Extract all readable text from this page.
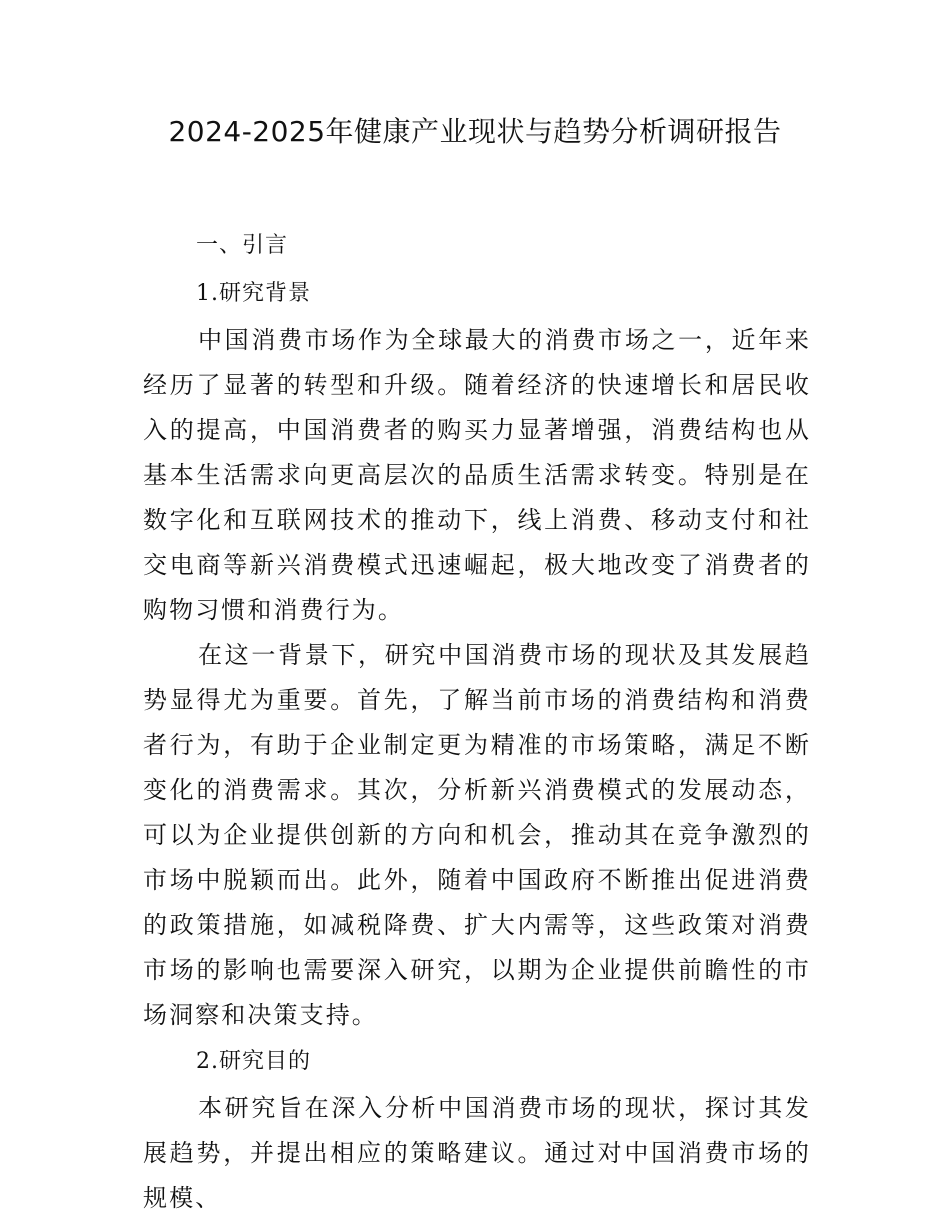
2024-2025年健康产业现状与趋势分析调研报告
一、引言
1.研究背景

中国消费市场作为全球最大的消费市场之一，近年来经历了显著的转型和升级。随着经济的快速增长和居民收入的提高，中国消费者的购买力显著增强，消费结构也从基本生活需求向更高层次的品质生活需求转变。特别是在数字化和互联网技术的推动下，线上消费、移动支付和社交电商等新兴消费模式迅速崛起，极大地改变了消费者的购物习惯和消费行为。

在这一背景下，研究中国消费市场的现状及其发展趋势显得尤为重要。首先，了解当前市场的消费结构和消费者行为，有助于企业制定更为精准的市场策略，满足不断变化的消费需求。其次，分析新兴消费模式的发展动态，可以为企业提供创新的方向和机会，推动其在竞争激烈的市场中脱颖而出。此外，随着中国政府不断推出促进消费的政策措施，如减税降费、扩大内需等，这些政策对消费市场的影响也需要深入研究，以期为企业提供前瞻性的市场洞察和决策支持。

2.研究目的

本研究旨在深入分析中国消费市场的现状，探讨其发展趋势，并提出相应的策略建议。通过对中国消费市场的规模、
